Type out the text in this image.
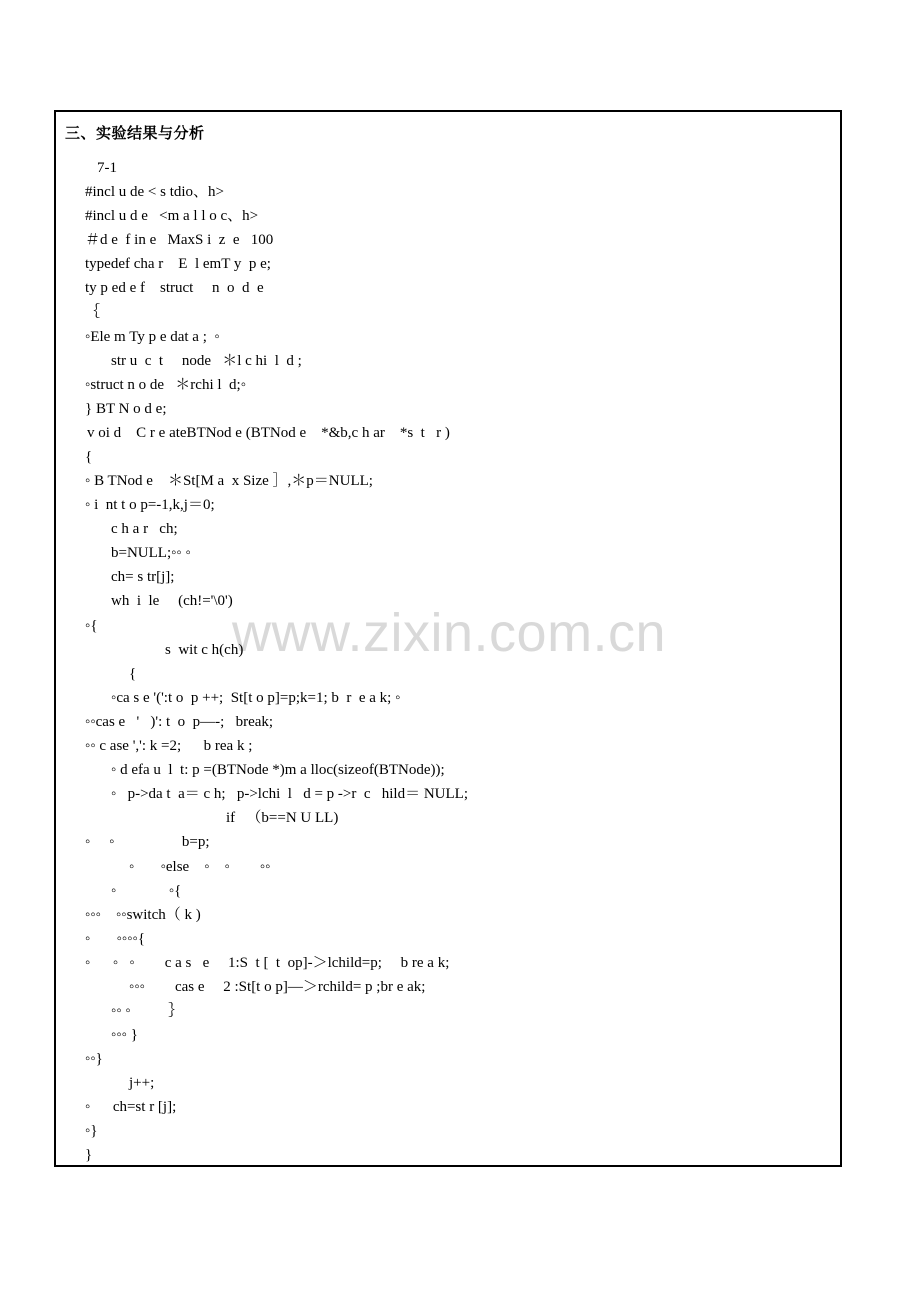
三、实验结果与分析
www.zixin.com.cn
7-1
#incl u de < s tdio、h>
#incl u d e   <m a l l o c、h>
＃d e  f in e   MaxS i  z  e   100
typedef cha r    E  l emT y  p e;
ty p ed e f    struct     n  o  d  e
｛
◦Ele m Ty p e dat a ;  ◦
str u  c  t     node   ＊l c hi  l  d ;
◦struct n o de   ＊rchi l  d;◦
} BT N o d e;
v oi d    C r e ateBTNod e (BTNod e    *&b,c h ar    *s  t   r )
{
◦ B TNod e    ＊St[M a  x Size ］,＊p＝NULL;
◦ i  nt t o p=-1,k,j＝0;
c h a r   ch;
b=NULL;◦◦ ◦
ch= s tr[j];
wh  i  le     (ch!='\0')
◦{
s  wit c h(ch)
{
◦ca s e '(':t o  p ++;  St[t o p]=p;k=1; b  r  e a k; ◦
◦◦cas e   '   )': t  o  p—-;   break;
◦◦ c ase ',': k =2;      b rea k ;
◦ d efa u  l  t: p =(BTNode *)m a lloc(sizeof(BTNode));
◦   p->da t  a＝ c h;   p->lchi  l   d = p ->r  c   hild＝ NULL;
if   （b==N U LL)
◦     ◦                  b=p;
◦       ◦else    ◦    ◦        ◦◦
◦              ◦{
◦◦◦    ◦◦switch（ k )
◦       ◦◦◦◦{
◦      ◦   ◦        c a s   e     1:S  t [  t  op]-＞lchild=p;     b re a k;
◦◦◦        cas e     2 :St[t o p]—＞rchild= p ;br e ak;
◦◦ ◦          ｝
◦◦◦ }
◦◦}
j++;
◦      ch=st r [j];
◦}
}
